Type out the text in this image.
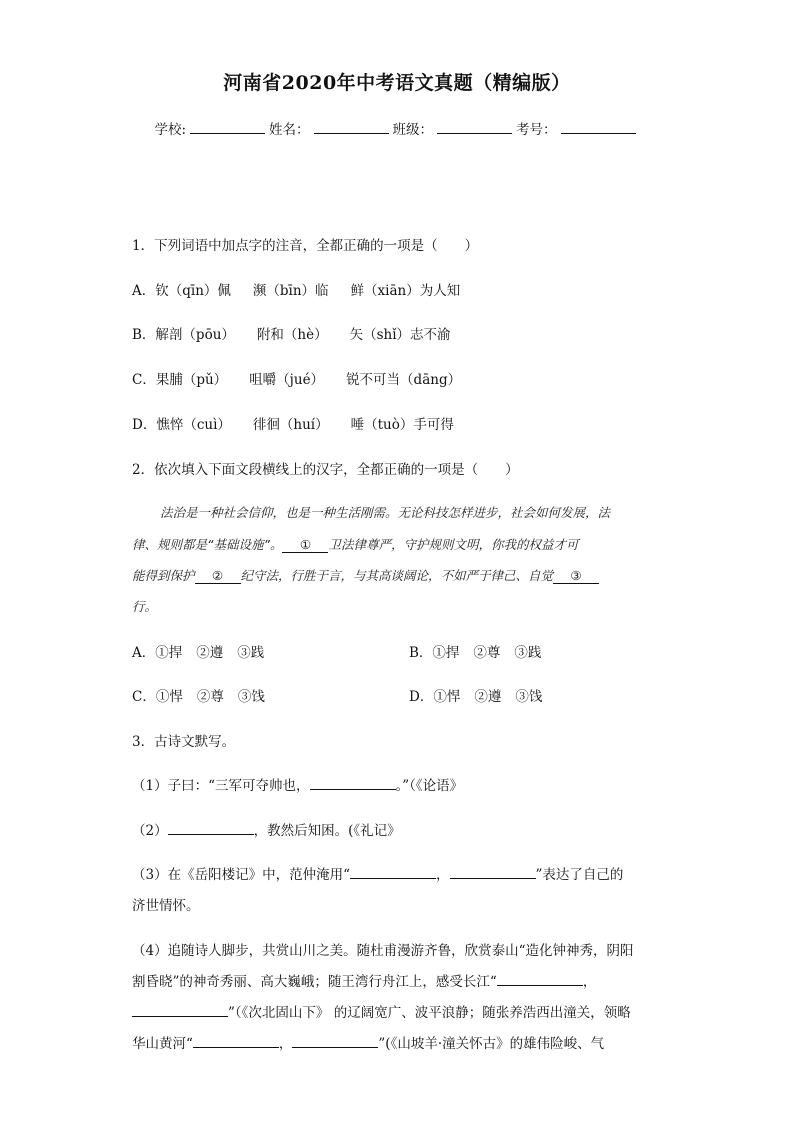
河南省2020年中考语文真题（精编版）
学校:	姓名：	班级：	考号：
1．下列词语中加点字的注音，全都正确的一项是（　　）
A．钦（qīn）佩 濒（bīn）临 鲜（xiān）为人知
B．解剖（pōu） 附和（hè） 矢（shǐ）志不渝
C．果脯（pǔ） 咀嚼（jué） 锐不可当（dāng）
D．憔悴（cuì） 徘徊（huí） 唾（tuò）手可得
2．依次填入下面文段横线上的汉字，全都正确的一项是（　　）
法治是一种社会信仰，也是一种生活刚需。无论科技怎样进步，社会如何发展，法
律、规则都是“基础设施”。 ① 卫法律尊严，守护规则文明，你我的权益才可
能得到保护 ② 纪守法，行胜于言，与其高谈阔论，不如严于律己、自觉 ③
行。
A．①捍 ②遵 ③践	B．①捍 ②尊 ③践
C．①悍 ②尊 ③饯	D．①悍 ②遵 ③饯
3．古诗文默写。
（1）子曰：“三军可夺帅也，	。”（《论语》
（2）	，教然后知困。(《礼记》
（3）在《岳阳楼记》中，范仲淹用“	，	”表达了自己的
济世情怀。
（4）追随诗人脚步，共赏山川之美。随杜甫漫游齐鲁，欣赏泰山“造化钟神秀，阴阳
割昏晓”的神奇秀丽、高大巍峨；随王湾行舟江上，感受长江“	，
”（《次北固山下》 的辽阔宽广、波平浪静；随张养浩西出潼关，领略
华山黄河“	，	”(《山坡羊·潼关怀古》的雄伟险峻、气
